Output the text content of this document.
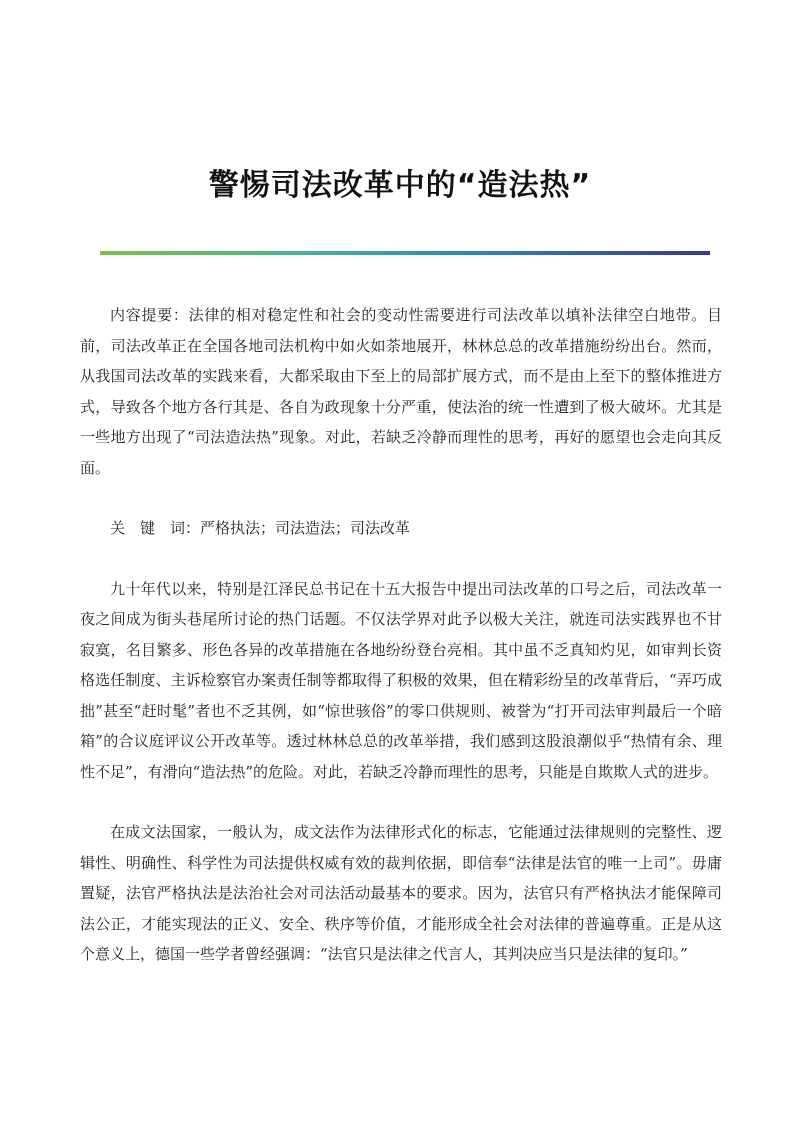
警惕司法改革中的“造法热”

内容提要：法律的相对稳定性和社会的变动性需要进行司法改革以填补法律空白地带。目前，司法改革正在全国各地司法机构中如火如荼地展开，林林总总的改革措施纷纷出台。然而，从我国司法改革的实践来看，大都采取由下至上的局部扩展方式，而不是由上至下的整体推进方式，导致各个地方各行其是、各自为政现象十分严重，使法治的统一性遭到了极大破坏。尤其是一些地方出现了“司法造法热”现象。对此，若缺乏冷静而理性的思考，再好的愿望也会走向其反面。

关　键　词：严格执法；司法造法；司法改革

九十年代以来，特别是江泽民总书记在十五大报告中提出司法改革的口号之后，司法改革一夜之间成为街头巷尾所讨论的热门话题。不仅法学界对此予以极大关注，就连司法实践界也不甘寂寞，名目繁多、形色各异的改革措施在各地纷纷登台亮相。其中虽不乏真知灼见，如审判长资格选任制度、主诉检察官办案责任制等都取得了积极的效果，但在精彩纷呈的改革背后，“弄巧成拙”甚至“赶时髦”者也不乏其例，如“惊世骇俗”的零口供规则、被誉为“打开司法审判最后一个暗箱”的合议庭评议公开改革等。透过林林总总的改革举措，我们感到这股浪潮似乎“热情有余、理性不足”，有滑向“造法热”的危险。对此，若缺乏冷静而理性的思考，只能是自欺欺人式的进步。

在成文法国家，一般认为，成文法作为法律形式化的标志，它能通过法律规则的完整性、逻辑性、明确性、科学性为司法提供权威有效的裁判依据，即信奉“法律是法官的唯一上司”。毋庸置疑，法官严格执法是法治社会对司法活动最基本的要求。因为，法官只有严格执法才能保障司法公正，才能实现法的正义、安全、秩序等价值，才能形成全社会对法律的普遍尊重。正是从这个意义上，德国一些学者曾经强调：“法官只是法律之代言人，其判决应当只是法律的复印。”
